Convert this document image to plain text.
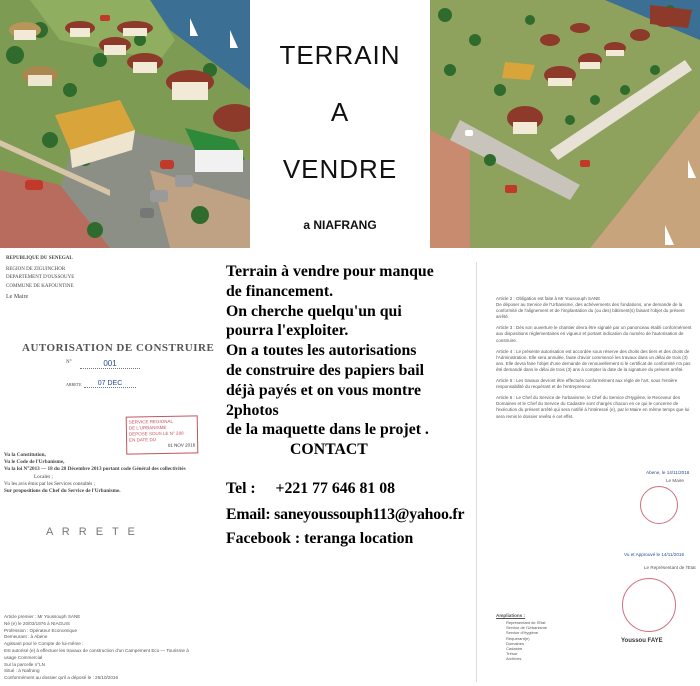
TERRAIN
A
VENDRE
a NIAFRANG
REPUBLIQUE DU SENEGAL
REGION DE ZIGUINCHOR
DEPARTEMENT D'OUSSOUYE
COMMUNE DE KAFOUNTINE
Le Maire
AUTORISATION DE CONSTRUIRE
N°	001
ARRETE	07 DEC
SERVICE REGIONAL
DE L'URBANISME
DEPOSE SOUS LE N° 288
EN DATE DU
01 NOV 2016
Vu la Constitution,
Vu le Code de l'Urbanisme,
Vu la loi N°2013 — 18 du 28 Décembre 2013 portant code Général des collectivités
Locales ;
Vu les avis émis par les Services consultés ;
Sur propositions du Chef du Service de l'Urbanisme.
A R R E T E
Article premier : Mr Youssouph SANE
Né (e) le 20/03/1976 à NIAGUIS
Profession : Opérateur Economique
Demeurant : à Abene
Agissant pour le Compte de lui-même :
Est autorisé (e) à effectuer les travaux de construction d'un Campement Eco — Tourisme à
usage Commercial
Sur la parcelle n°LN
Situé : à Niafrang
Conformément au dossier qu'il a déposé le : 25/10/2016
Terrain à vendre pour manque
de financement.
On cherche quelqu'un qui
pourra l'exploiter.
On a toutes les autorisations
de construire des papiers bail
déjà payés et on vous montre
2photos
de la maquette dans le projet .
CONTACT
Tel :     +221 77 646 81 08
Email: saneyoussouph113@yahoo.fr
Facebook : teranga location
Article 2 : Obligation est faite à Mr Youssouph SANE
De déposer au Service de l'Urbanisme, des achèvements des fondations, une demande de la conformité de l'alignement et de l'implantation du (ou des) bâtiment(s) faisant l'objet du présent arrêté.
Article 3 : Dès son ouverture le chantier devra être signalé par un panonceau établi conformément aux dispositions réglementaires en vigueur et portant indication du numéro de l'autorisation de construire.
Article 4 : Le présente autorisation est accordée sous réserve des droits des tiers et des droits de l'Administration. Elle sera annulée, faute d'avoir commencé les travaux dans un délai de trois (3) ans. Elle devra faire l'objet d'une demande de renouvellement si le certificat de conformité n'a pas été demandé dans le délai de trois (3) ans à compter la date de la signature du présent arrêté.
Article 5 : Les travaux devront être effectués conformément aux règle de l'art, sous l'entière responsabilité du requérant et de l'entrepreneur.
Article 6 : Le Chef du Service de l'urbanisme, le Chef du Service d'Hygiène, le Receveur des Domaines et le Chef du Service du Cadastre sont chargés chacun en ce qui le concerne de l'exécution du présent arrêté qui sera notifié à l'intéressé (e), par le Maire en même temps que lui sera remis le dossier revêtu é cet effet.
Abene, le 14/11/2016
Le Maire
Vu et Approuvé le 14/11/2016
Le Représentant de l'Etat
Ampliations :
Représentant de l'Etat
Service de l'Urbanisme
Service d'Hygiène
Requérant(e)
Domaines
Cadastre
Trésor
Archives
Youssou FAYE
